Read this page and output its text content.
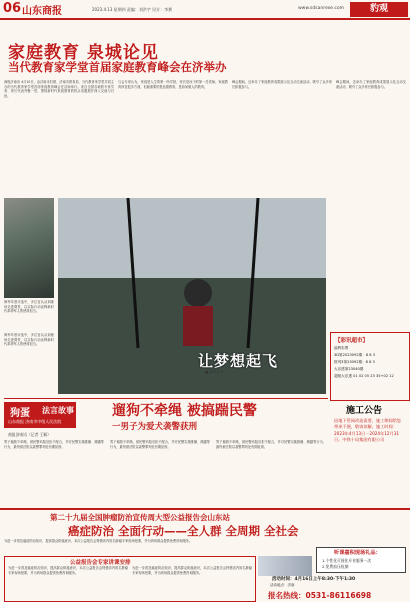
06 山东商报	2023.4.13 星期四 责编：刘洪宇 设计：李赛	www.sdsanrexe.com	豹观
家庭教育 泉城论见
当代教育家学堂首届家庭教育峰会在济举办
商报济南讯 4月10日，由济南市妇联、济南市教育局、当代教育家学堂共同主办的当代教育家学堂首届家庭教育峰会在济南举行。来自全国各地的专家学者、家长代表齐聚一堂，围绕新时代家庭教育的热点话题展开深入交流与讨论。
与会专家认为，家庭是人生的第一所学校，家长是孩子的第一任老师。家庭教育涉及很多方面，但最重要的是品德教育，是如何做人的教育。
峰会期间，还举办了家庭教育成果展示及互动交流活动，吸引了众多家长积极参与。
峰会期间，还举办了家庭教育成果展示及互动交流活动，吸引了众多家长积极参与。
海军年度评选中，多位官兵从训练场走进课堂，以实际行动诠释新时代革命军人的使命担当。
海军年度评选中，多位官兵从训练场走进课堂，以实际行动诠释新时代革命军人的使命担当。
让梦想起飞
■ 新华社发
【彩讯超市】
福利彩票
3D第2023092期：8 8 3
排列3第23092期：8 8 3
大乐透第23040期
超级大乐透 01 02 05 23 35+02 12
施工公告
因地下管网改造需要，施工期间给您带来不便，敬请谅解。施工时间：2023年4月13日－2024年12月31日。中铁十局集团有限公司
狗蛋 法言故事
山东商报 济南市中级人民法院
遛狗不牵绳 被搞踹民警
一男子为爱犬袭警获刑
商报济南讯（记者 王颖）
男子遛狗不牵绳，被民警劝阻后拒不配合，并对民警实施推搡、踢踹等行为，最终被法院以袭警罪判处有期徒刑。
男子遛狗不牵绳，被民警劝阻后拒不配合，并对民警实施推搡、踢踹等行为，最终被法院以袭警罪判处有期徒刑。
男子遛狗不牵绳，被民警劝阻后拒不配合，并对民警实施推搡、踢踹等行为，最终被法院以袭警罪判处有期徒刑。
第二十九届全国肿瘤防治宣传周大型公益报告会山东站
癌症防治 全面行动——全人群 全周期 全社会
为进一步普及癌症防治知识，提高群众防癌意识，本次公益报告会特邀省内知名肿瘤专家现场授课，并为到场群众提供免费咨询服务。
公益报告会专家讲课安排
为进一步普及癌症防治知识，提高群众防癌意识，本次公益报告会特邀省内知名肿瘤专家现场授课，并为到场群众提供免费咨询服务。
为进一步普及癌症防治知识，提高群众防癌意识，本次公益报告会特邀省内知名肿瘤专家现场授课，并为到场群众提供免费咨询服务。
听课嘉积现场礼品：
1.个性化可视化专业服务一次
2.免费血压检测
活动时间：4月16日上午8:30-下午1:30
活动地点：济南
报名热线：0531-86116698
